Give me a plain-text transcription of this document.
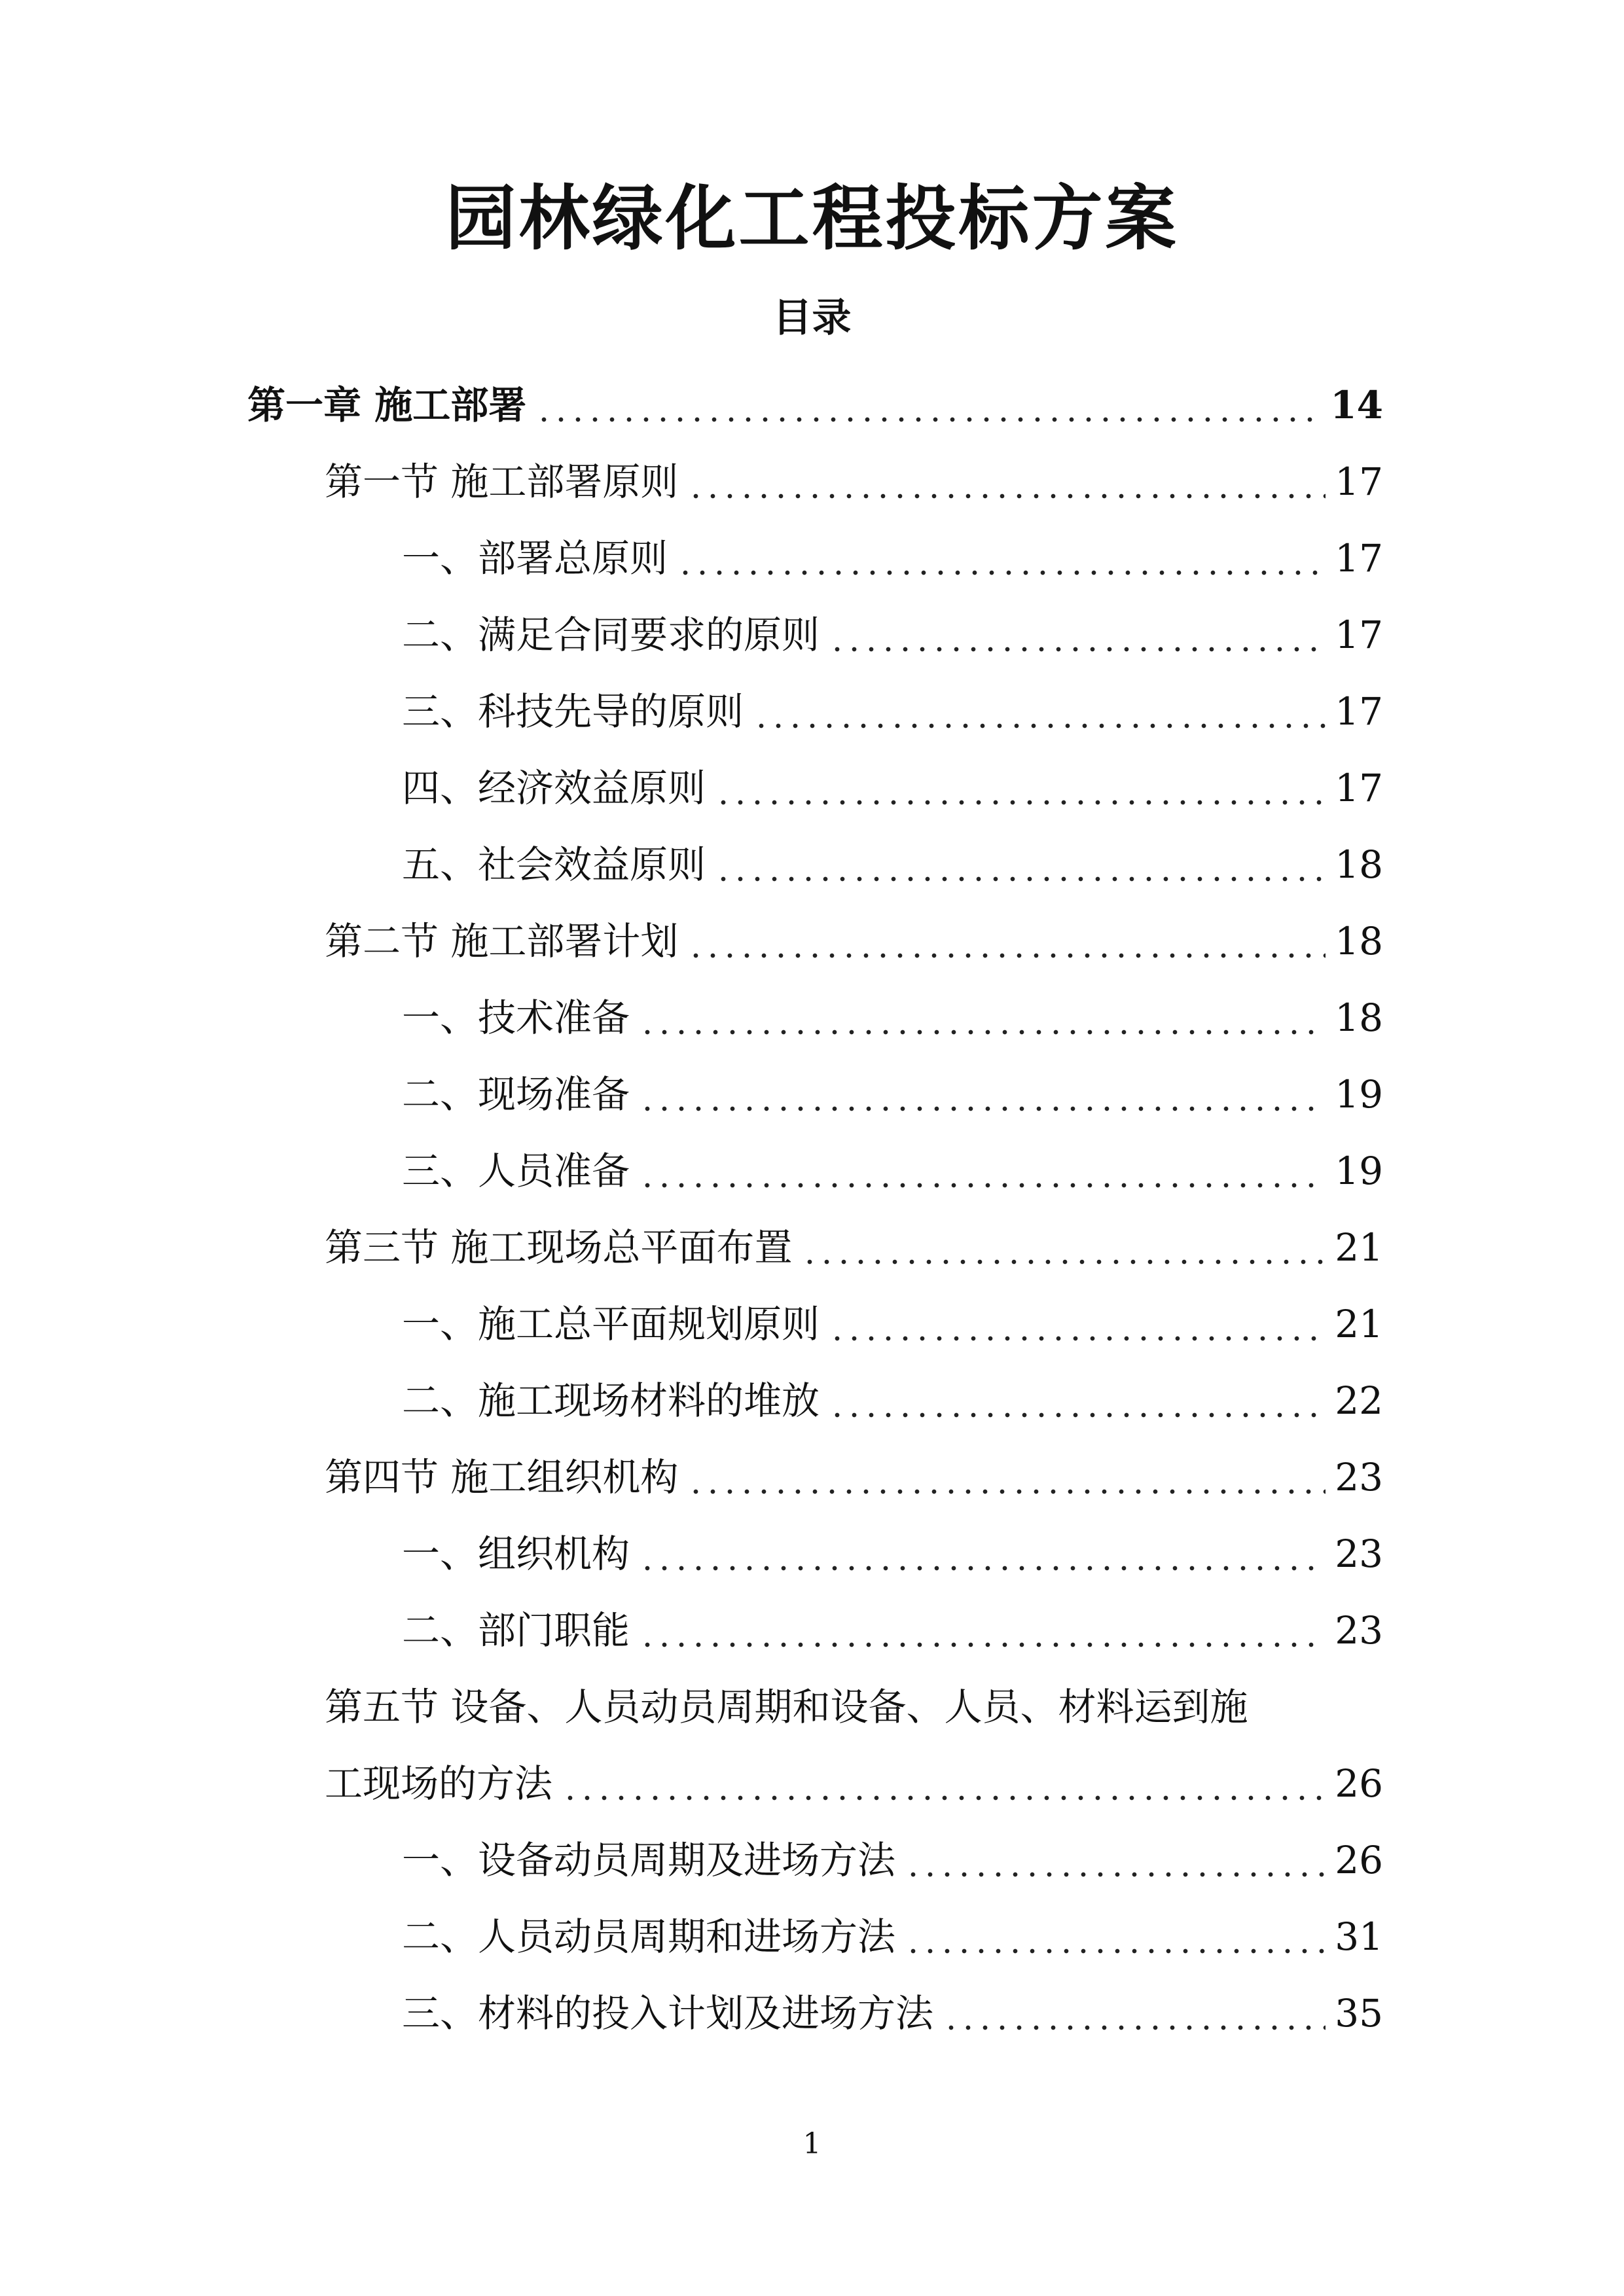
园林绿化工程投标方案
目录
第一章 施工部署	14
第一节 施工部署原则	17
一、部署总原则	17
二、满足合同要求的原则	17
三、科技先导的原则	17
四、经济效益原则	17
五、社会效益原则	18
第二节 施工部署计划	18
一、技术准备	18
二、现场准备	19
三、人员准备	19
第三节 施工现场总平面布置	21
一、施工总平面规划原则	21
二、施工现场材料的堆放	22
第四节 施工组织机构	23
一、组织机构	23
二、部门职能	23
第五节 设备、人员动员周期和设备、人员、材料运到施
工现场的方法	26
一、设备动员周期及进场方法	26
二、人员动员周期和进场方法	31
三、材料的投入计划及进场方法	35
1
